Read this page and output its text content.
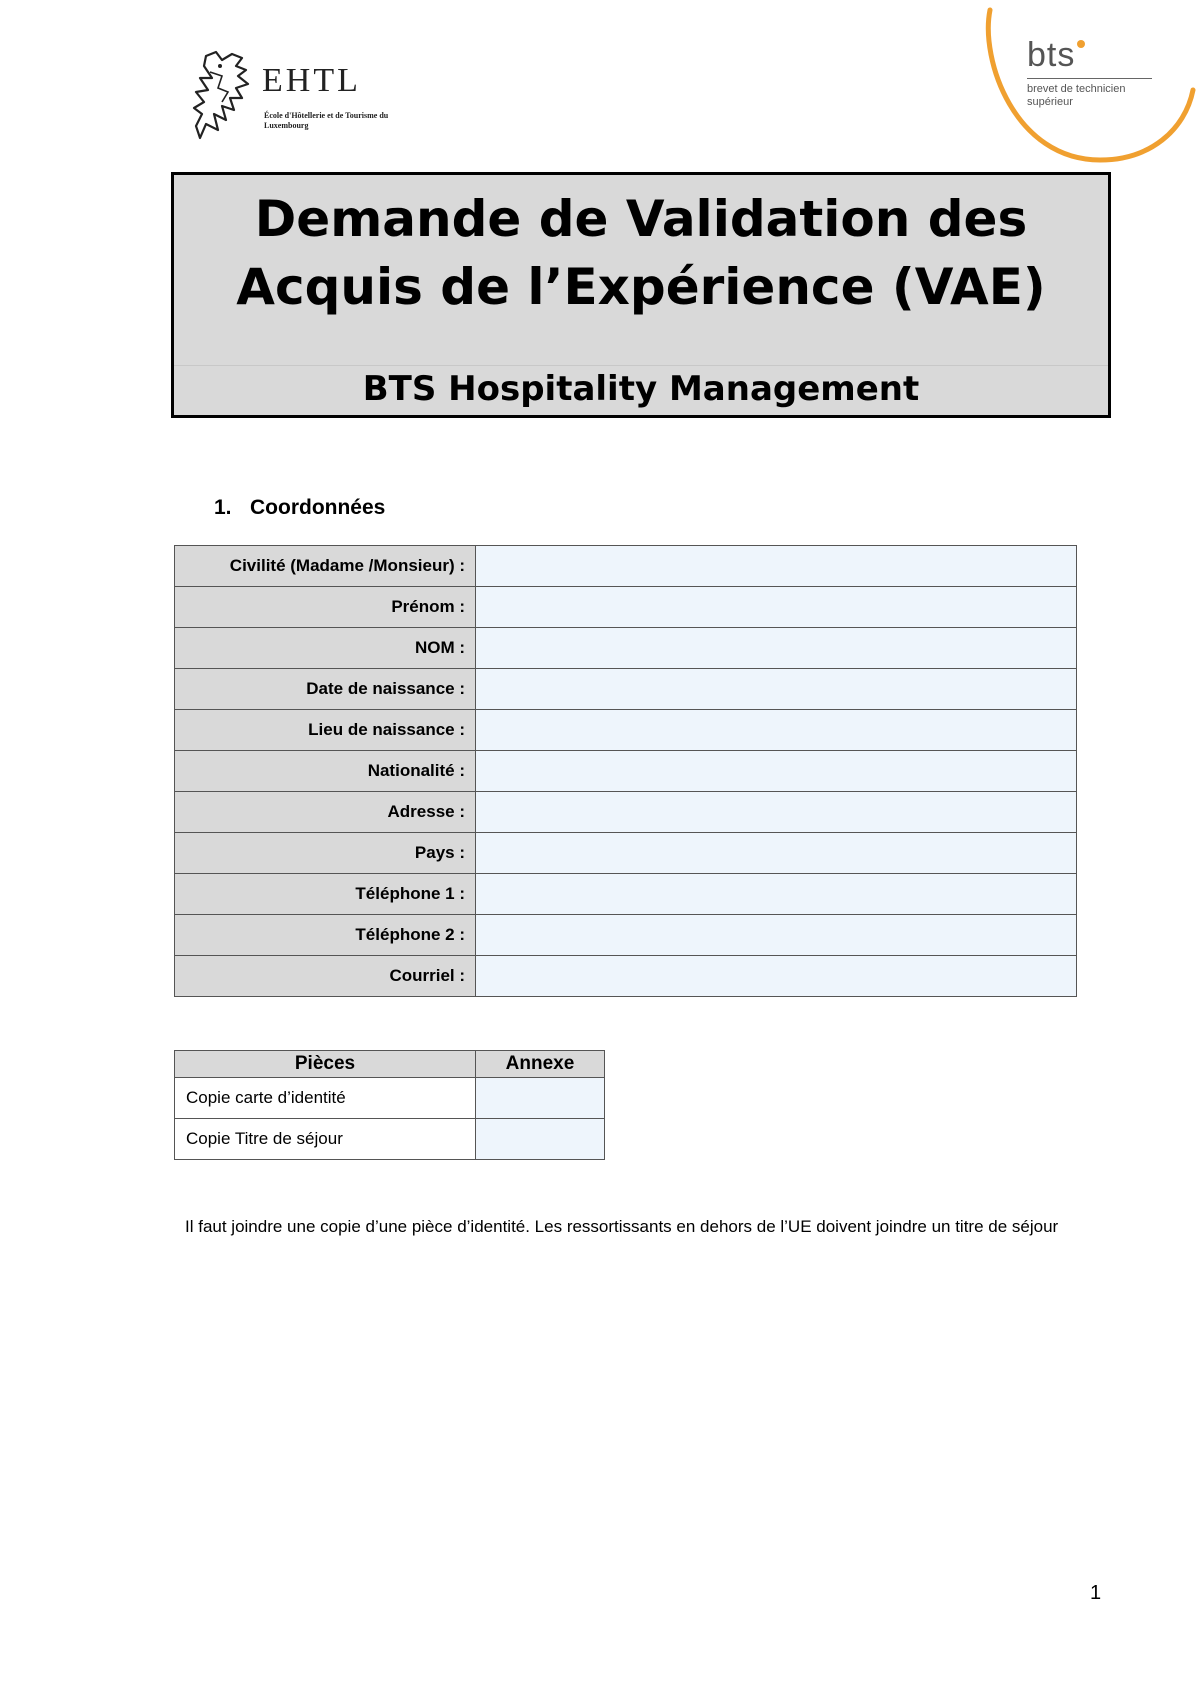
EHTL
École d'Hôtellerie et de Tourisme du Luxembourg
bts
brevet de technicien supérieur
Demande de Validation des
Acquis de l’Expérience (VAE)
BTS Hospitality Management
1. Coordonnées
Civilité (Madame /Monsieur) :	
Prénom :	
NOM :	
Date de naissance :	
Lieu de naissance :	
Nationalité :	
Adresse :	
Pays :	
Téléphone 1 :	
Téléphone 2 :	
Courriel :	
Pièces	Annexe
Copie carte d’identité	
Copie Titre de séjour	
Il faut joindre une copie d’une pièce d’identité. Les ressortissants en dehors de l’UE doivent joindre un titre de séjour
1
